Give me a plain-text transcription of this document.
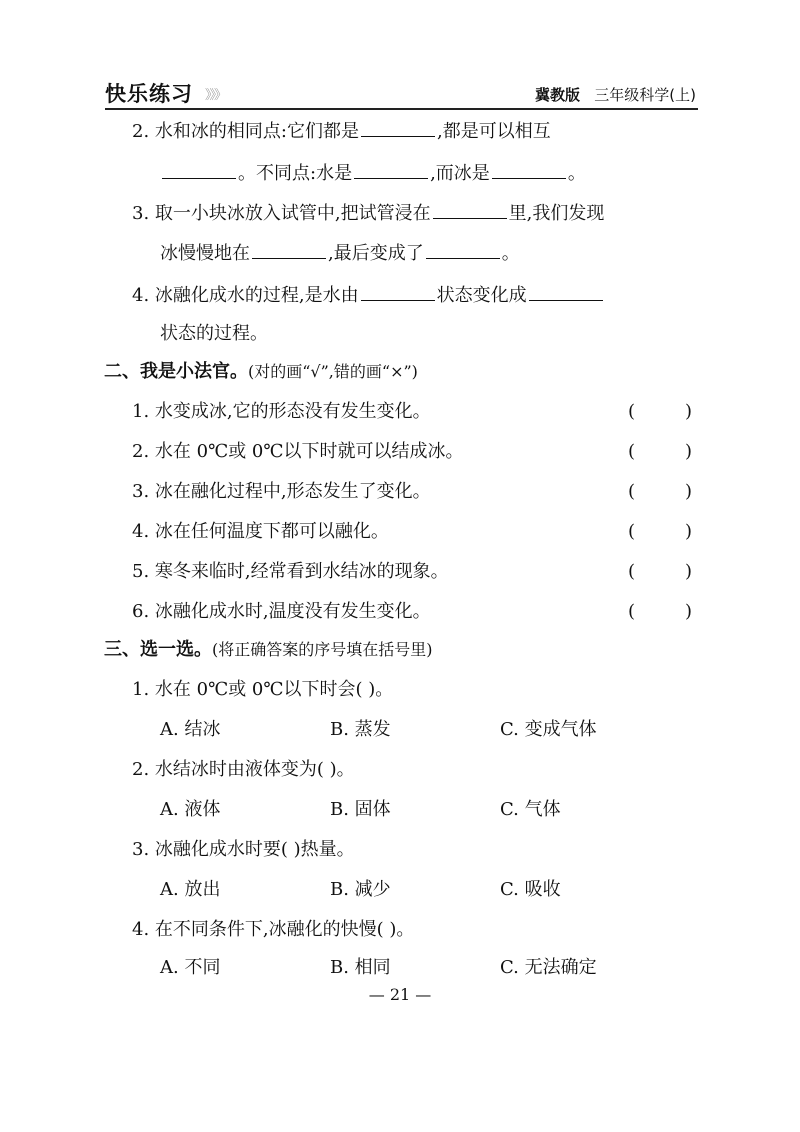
快乐练习 》》》	冀教版 三年级科学(上)
2. 水和冰的相同点:它们都是	,都是可以相互
。不同点:水是	,而冰是	。
3. 取一小块冰放入试管中,把试管浸在	里,我们发现
冰慢慢地在	,最后变成了	。
4. 冰融化成水的过程,是水由	状态变化成
状态的过程。
二、我是小法官。(对的画“√”,错的画“×”)
1. 水变成冰,它的形态没有发生变化。	(	)
2. 水在 0℃或 0℃以下时就可以结成冰。	(	)
3. 冰在融化过程中,形态发生了变化。	(	)
4. 冰在任何温度下都可以融化。	(	)
5. 寒冬来临时,经常看到水结冰的现象。	(	)
6. 冰融化成水时,温度没有发生变化。	(	)
三、选一选。(将正确答案的序号填在括号里)
1. 水在 0℃或 0℃以下时会( )。
A. 结冰	B. 蒸发	C. 变成气体
2. 水结冰时由液体变为( )。
A. 液体	B. 固体	C. 气体
3. 冰融化成水时要( )热量。
A. 放出	B. 减少	C. 吸收
4. 在不同条件下,冰融化的快慢( )。
A. 不同	B. 相同	C. 无法确定
— 21 —
